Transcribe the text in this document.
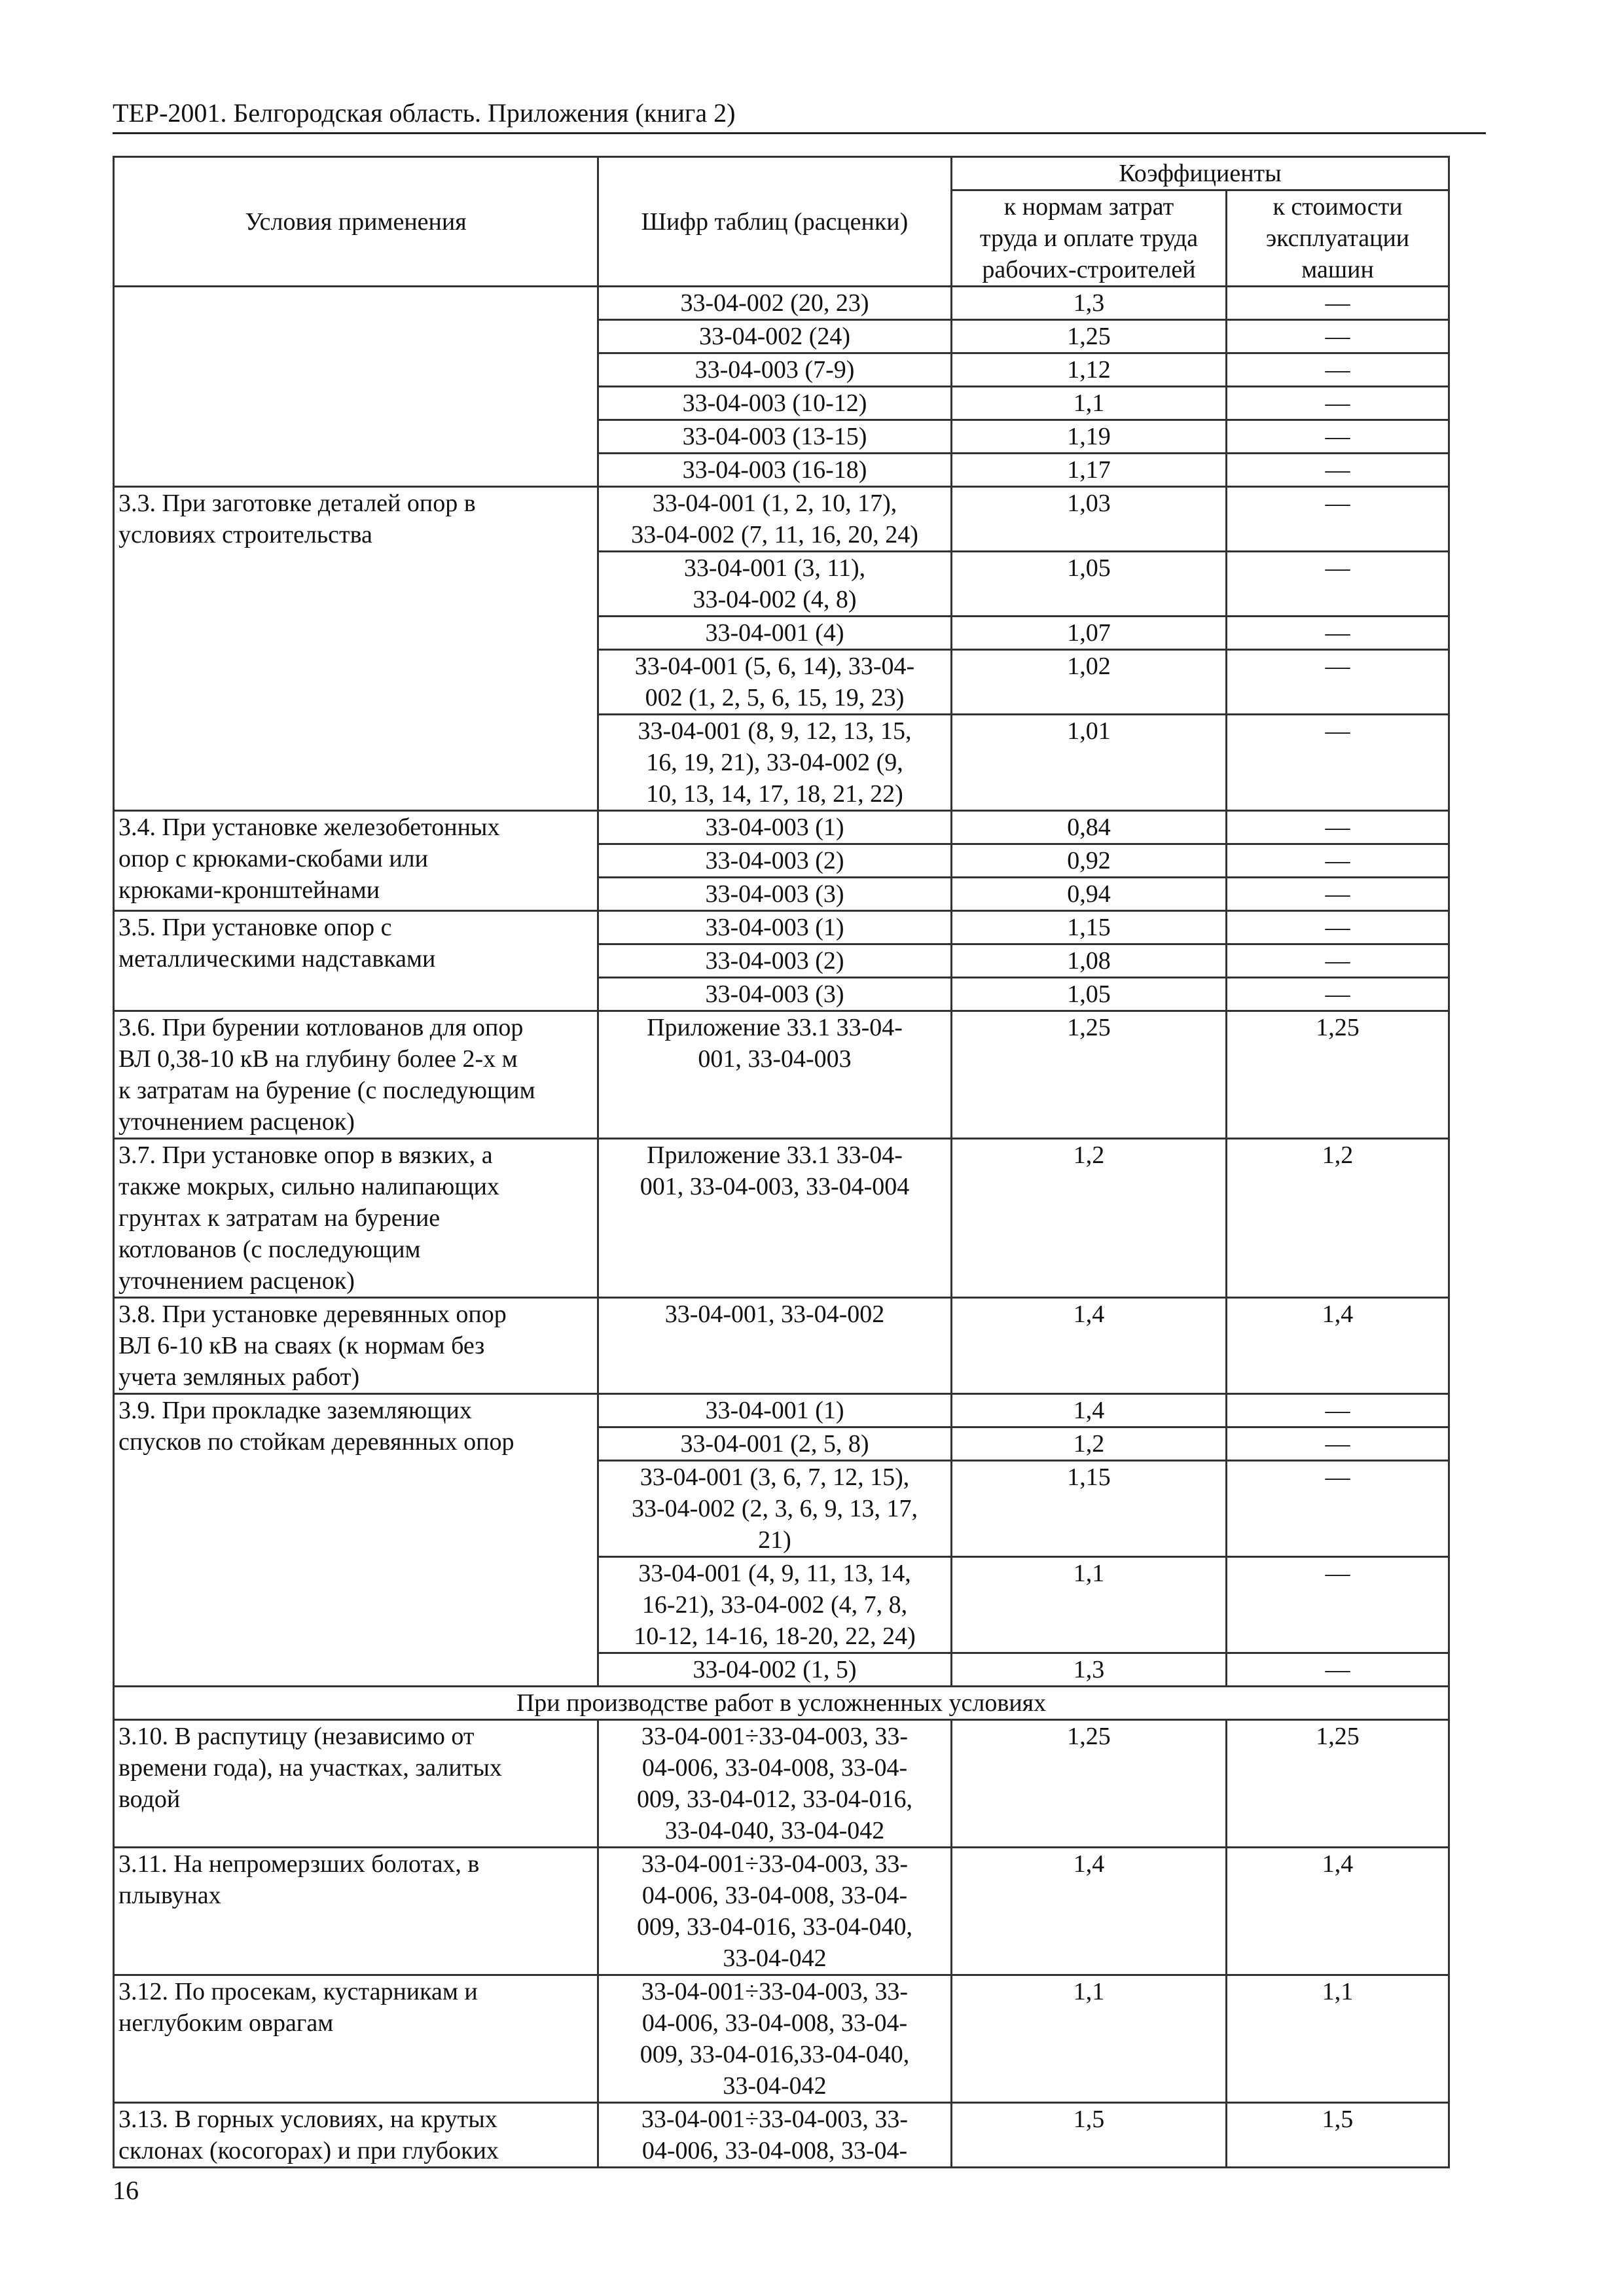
ТЕР-2001. Белгородская область. Приложения (книга 2)
Условия применения	Шифр таблиц (расценки)	Коэффициенты	

		к нормам затрат
труда и оплате труда
рабочих-строителей	к стоимости
эксплуатации
машин

	33-04-002 (20, 23)	1,3	—

	33-04-002 (24)	1,25	—

	33-04-003 (7-9)	1,12	—

	33-04-003 (10-12)	1,1	—

	33-04-003 (13-15)	1,19	—

	33-04-003 (16-18)	1,17	—

3.3. При заготовке деталей опор в
условиях строительства	33-04-001 (1, 2, 10, 17),
33-04-002 (7, 11, 16, 20, 24)	1,03	—

	33-04-001 (3, 11),
33-04-002 (4, 8)	1,05	—

	33-04-001 (4)	1,07	—

	33-04-001 (5, 6, 14), 33-04-
002 (1, 2, 5, 6, 15, 19, 23)	1,02	—

	33-04-001 (8, 9, 12, 13, 15,
16, 19, 21), 33-04-002 (9,
10, 13, 14, 17, 18, 21, 22)	1,01	—

3.4. При установке железобетонных
опор с крюками-скобами или
крюками-кронштейнами	33-04-003 (1)	0,84	—

	33-04-003 (2)	0,92	—

	33-04-003 (3)	0,94	—

3.5. При установке опор с
металлическими надставками	33-04-003 (1)	1,15	—

	33-04-003 (2)	1,08	—

	33-04-003 (3)	1,05	—

3.6. При бурении котлованов для опор
ВЛ 0,38-10 кВ на глубину более 2-х м
к затратам на бурение (с последующим
уточнением расценок)	Приложение 33.1 33-04-
001, 33-04-003	1,25	1,25

3.7. При установке опор в вязких, а
также мокрых, сильно налипающих
грунтах к затратам на бурение
котлованов (с последующим
уточнением расценок)	Приложение 33.1 33-04-
001, 33-04-003, 33-04-004	1,2	1,2

3.8. При установке деревянных опор
ВЛ 6-10 кВ на сваях (к нормам без
учета земляных работ)	33-04-001, 33-04-002	1,4	1,4

3.9. При прокладке заземляющих
спусков по стойкам деревянных опор	33-04-001 (1)	1,4	—

	33-04-001 (2, 5, 8)	1,2	—

	33-04-001 (3, 6, 7, 12, 15),
33-04-002 (2, 3, 6, 9, 13, 17,
21)	1,15	—

	33-04-001 (4, 9, 11, 13, 14,
16-21), 33-04-002 (4, 7, 8,
10-12, 14-16, 18-20, 22, 24)	1,1	—

	33-04-002 (1, 5)	1,3	—
При производстве работ в усложненных условиях			

3.10. В распутицу (независимо от
времени года), на участках, залитых
водой	33-04-001÷33-04-003, 33-
04-006, 33-04-008, 33-04-
009, 33-04-012, 33-04-016,
33-04-040, 33-04-042	1,25	1,25

3.11. На непромерзших болотах, в
плывунах	33-04-001÷33-04-003, 33-
04-006, 33-04-008, 33-04-
009, 33-04-016, 33-04-040,
33-04-042	1,4	1,4

3.12. По просекам, кустарникам и
неглубоким оврагам	33-04-001÷33-04-003, 33-
04-006, 33-04-008, 33-04-
009, 33-04-016,33-04-040,
33-04-042	1,1	1,1

3.13. В горных условиях, на крутых
склонах (косогорах) и при глубоких	33-04-001÷33-04-003, 33-
04-006, 33-04-008, 33-04-	1,5	1,5
16
